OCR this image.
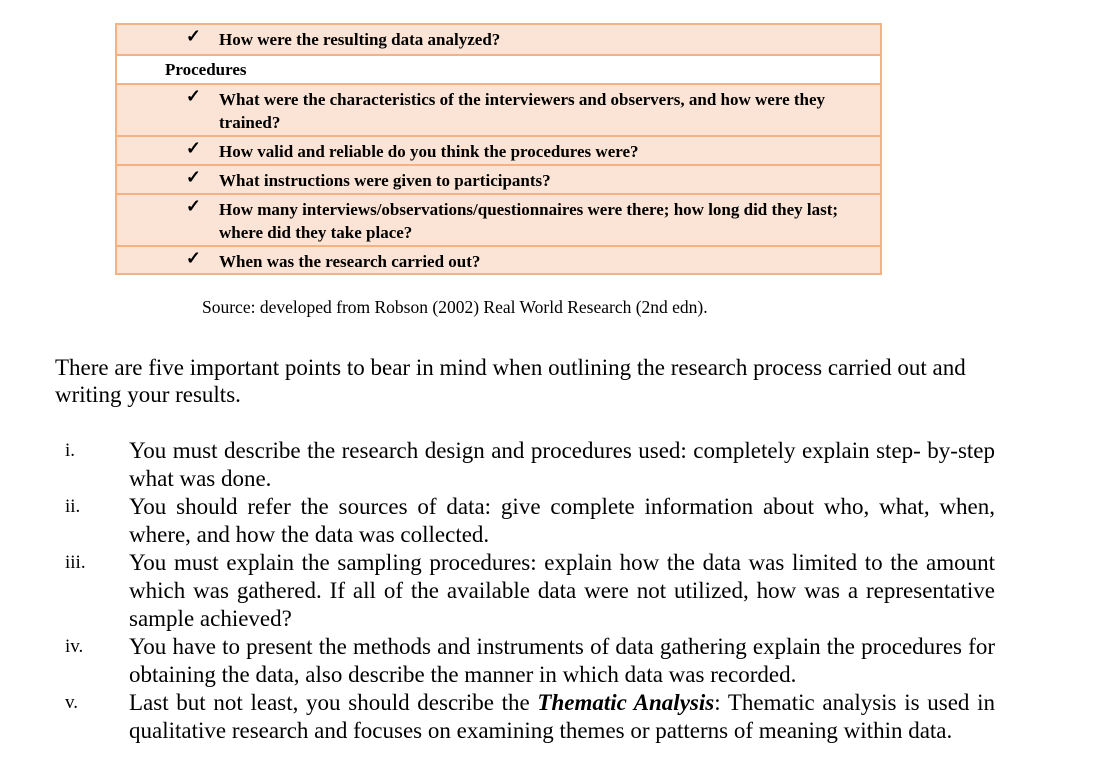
✓	How were the resulting data analyzed?
Procedures
✓	What were the characteristics of the interviewers and observers, and how were they trained?
✓	How valid and reliable do you think the procedures were?
✓	What instructions were given to participants?
✓	How many interviews/observations/questionnaires were there; how long did they last; where did they take place?
✓	When was the research carried out?
Source: developed from Robson (2002) Real World Research (2nd edn).
There are five important points to bear in mind when outlining the research process carried out and writing your results.
i.	You must describe the research design and procedures used: completely explain step- by-step what was done.
ii.	You should refer the sources of data: give complete information about who, what, when, where, and how the data was collected.
iii.	You must explain the sampling procedures: explain how the data was limited to the amount which was gathered. If all of the available data were not utilized, how was a representative sample achieved?
iv.	You have to present the methods and instruments of data gathering explain the procedures for obtaining the data, also describe the manner in which data was recorded.
v.	Last but not least, you should describe the Thematic Analysis: Thematic analysis is used in qualitative research and focuses on examining themes or patterns of meaning within data.
